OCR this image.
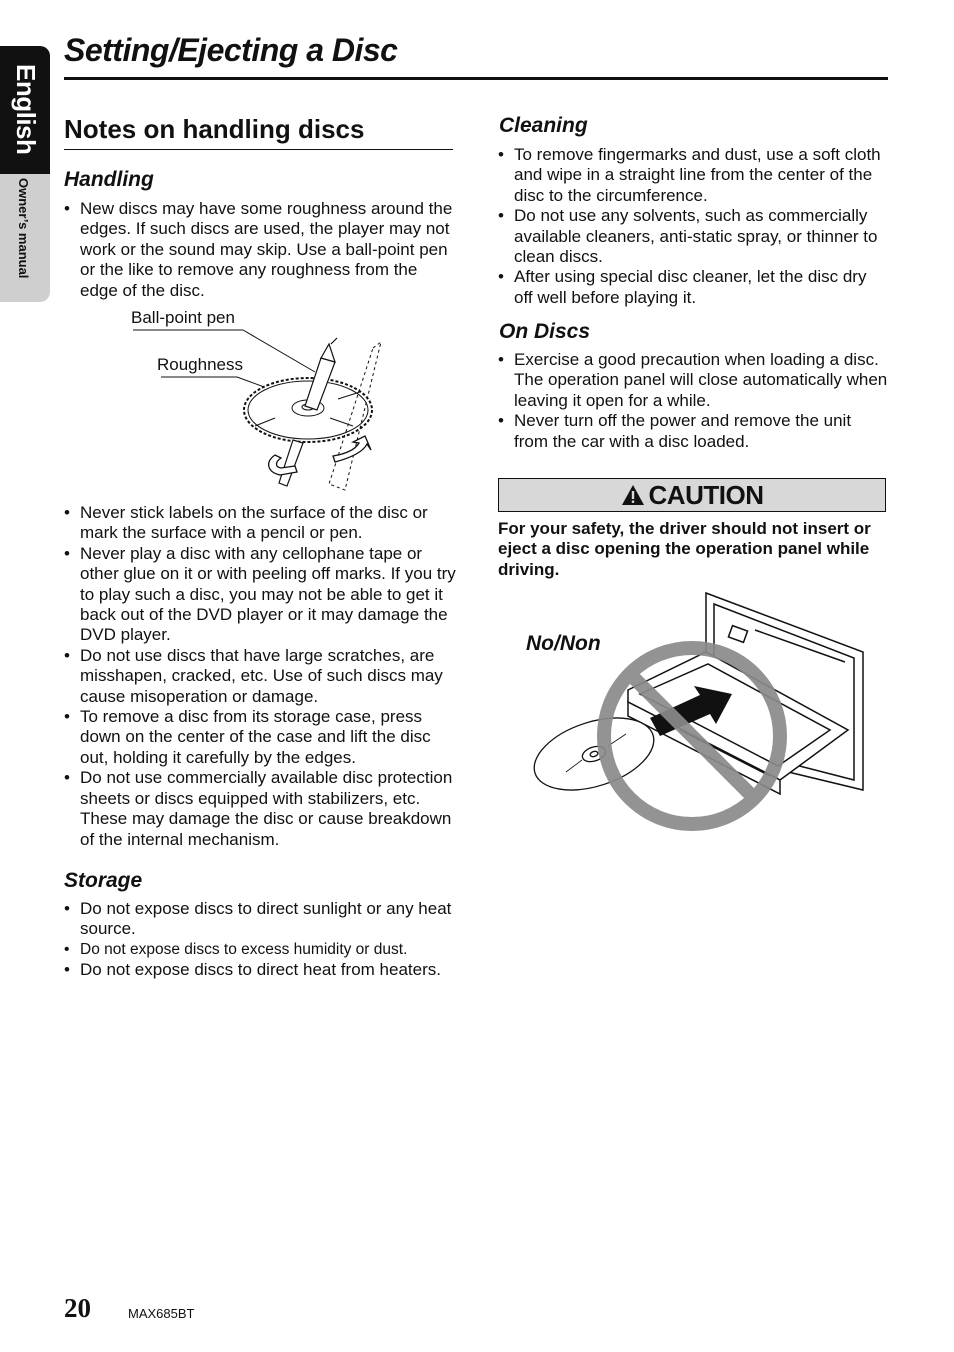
English
Owner’s manual
Setting/Ejecting a Disc
Notes on handling discs
Handling
• New discs may have some roughness around the edges. If such discs are used, the player may not work or the sound may skip. Use a ball-point pen or the like to remove any roughness from the edge of the disc.
Ball-point pen
Roughness
• Never stick labels on the surface of the disc or mark the surface with a pencil or pen.
• Never play a disc with any cellophane tape or other glue on it or with peeling off marks. If you try to play such a disc, you may not be able to get it back out of the DVD player or it may damage the DVD player.
• Do not use discs that have large scratches, are misshapen, cracked, etc. Use of such discs may cause misoperation or damage.
• To remove a disc from its storage case, press down on the center of the case and lift the disc out, holding it carefully by the edges.
• Do not use commercially available disc protection sheets or discs equipped with stabilizers, etc. These may damage the disc or cause breakdown of the internal mechanism.
Storage
• Do not expose discs to direct sunlight or any heat source.
• Do not expose discs to excess humidity or dust.
• Do not expose discs to direct heat from heaters.
Cleaning
• To remove fingermarks and dust, use a soft cloth and wipe in a straight line from the center of the disc to the circumference.
• Do not use any solvents, such as commercially available cleaners, anti-static spray, or thinner to clean discs.
• After using special disc cleaner, let the disc dry off well before playing it.
On Discs
• Exercise a good precaution when loading a disc. The operation panel will close automatically when leaving it open for a while.
• Never turn off the power and remove the unit from the car with a disc loaded.
CAUTION

For your safety, the driver should not insert or eject a disc opening the operation panel while driving.

No/Non
20	MAX685BT
